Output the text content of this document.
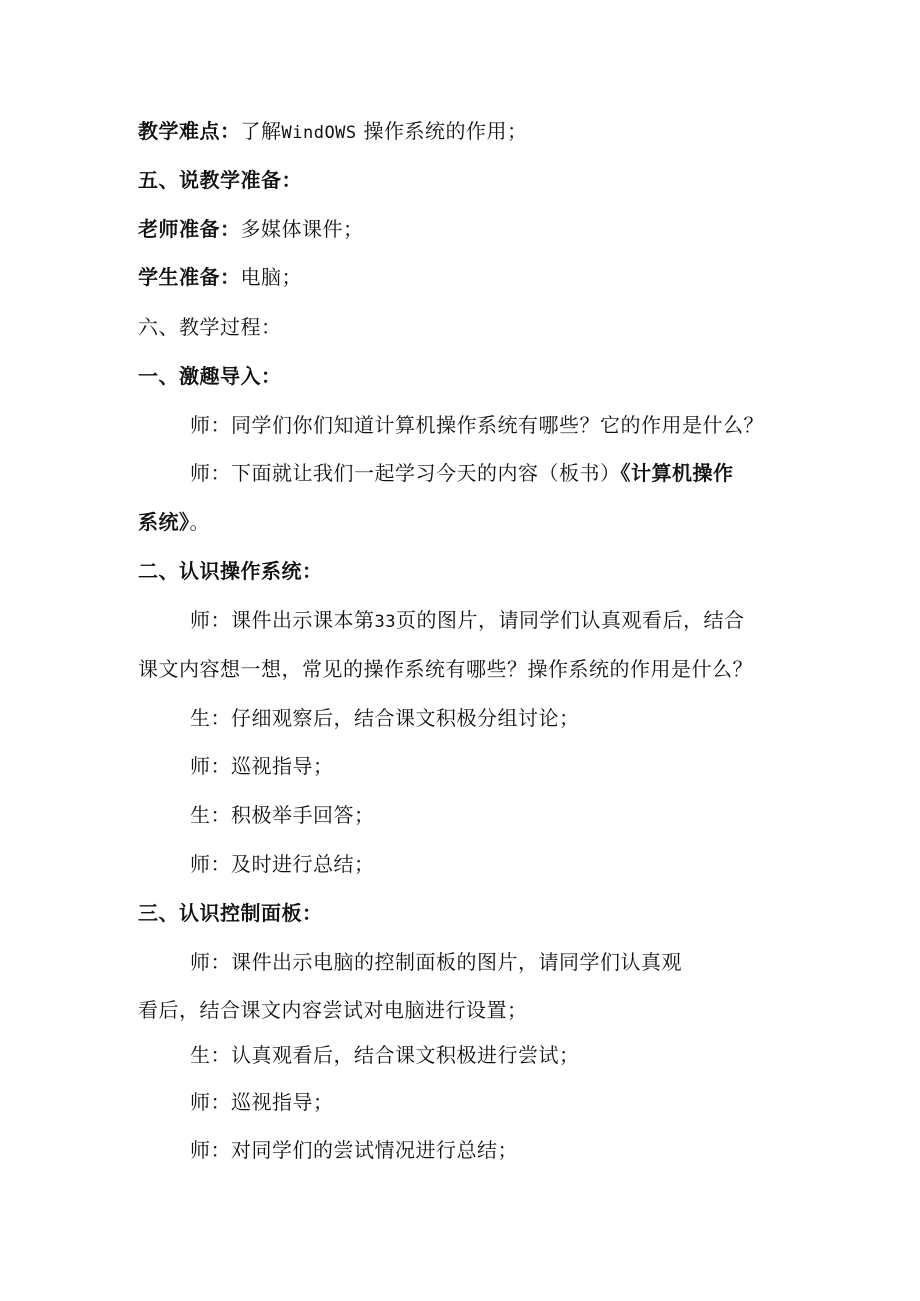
教学难点：了解WindOWS 操作系统的作用；
五、说教学准备：
老师准备：多媒体课件；
学生准备：电脑；
六、教学过程：
一、激趣导入：
师：同学们你们知道计算机操作系统有哪些？它的作用是什么？
师：下面就让我们一起学习今天的内容（板书）《计算机操作
系统》。
二、认识操作系统：
师：课件出示课本第33页的图片，请同学们认真观看后，结合
课文内容想一想，常见的操作系统有哪些？操作系统的作用是什么？
生：仔细观察后，结合课文积极分组讨论；
师：巡视指导；
生：积极举手回答；
师：及时进行总结；
三、认识控制面板：
师：课件出示电脑的控制面板的图片，请同学们认真观
看后，结合课文内容尝试对电脑进行设置；
生：认真观看后，结合课文积极进行尝试；
师：巡视指导；
师：对同学们的尝试情况进行总结；
